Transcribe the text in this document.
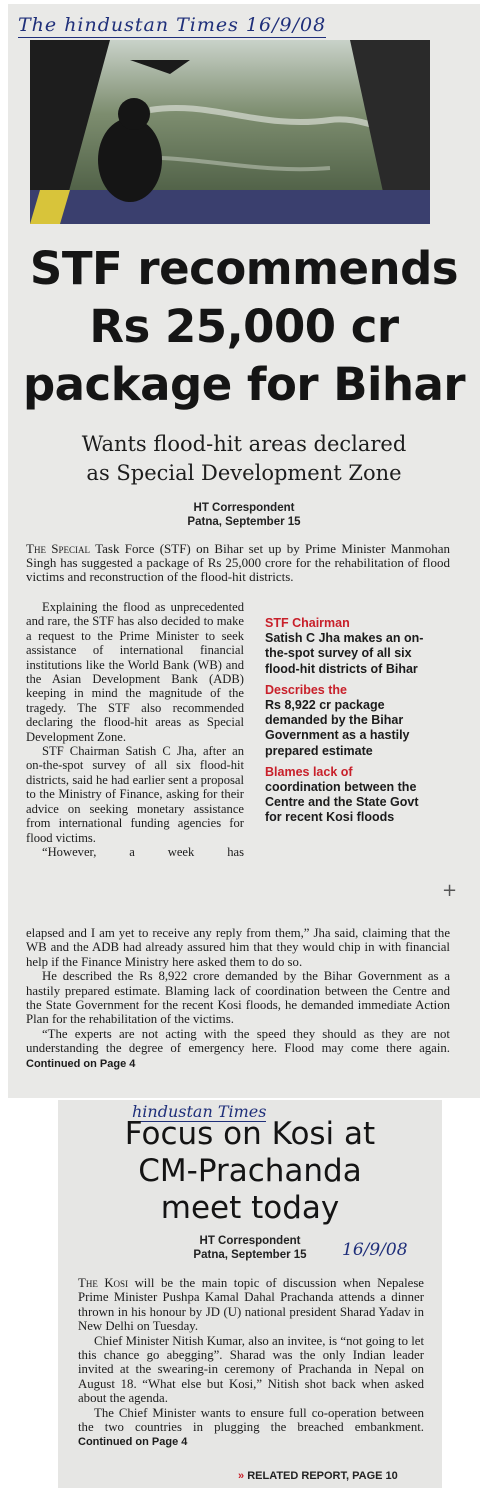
The hindustan Times 16/9/08
STF recommends
Rs 25,000 cr
package for Bihar
Wants flood-hit areas declared
as Special Development Zone
HT Correspondent
Patna, September 15

The Special Task Force (STF) on Bihar set up by Prime Minister Manmohan Singh has suggested a package of Rs 25,000 crore for the rehabilitation of flood victims and reconstruction of the flood-hit districts.

Explaining the flood as unprecedented and rare, the STF has also decided to make a request to the Prime Minister to seek assistance of international financial institutions like the World Bank (WB) and the Asian Development Bank (ADB) keeping in mind the magnitude of the tragedy. The STF also recommended declaring the flood-hit areas as Special Development Zone.

STF Chairman Satish C Jha, after an on-the-spot survey of all six flood-hit districts, said he had earlier sent a proposal to the Ministry of Finance, asking for their advice on seeking monetary assistance from international funding agencies for flood victims.

“However, a week has

STF Chairman
Satish C Jha makes an on-the-spot survey of all six flood-hit districts of Bihar
Describes the
Rs 8,922 cr package demanded by the Bihar Government as a hastily prepared estimate
Blames lack of
coordination between the Centre and the State Govt for recent Kosi floods

elapsed and I am yet to receive any reply from them,” Jha said, claiming that the WB and the ADB had already assured him that they would chip in with financial help if the Finance Ministry here asked them to do so.

He described the Rs 8,922 crore demanded by the Bihar Government as a hastily prepared estimate. Blaming lack of coordination between the Centre and the State Government for the recent Kosi floods, he demanded immediate Action Plan for the rehabilitation of the victims.

“The experts are not acting with the speed they should as they are not understanding the degree of emergency here. Flood may come there again. Continued on Page 4

+
hindustan Times
Focus on Kosi at
CM-Prachanda
meet today
HT Correspondent
Patna, September 15	16/9/08

The Kosi will be the main topic of discussion when Nepalese Prime Minister Pushpa Kamal Dahal Prachanda attends a dinner thrown in his honour by JD (U) national president Sharad Yadav in New Delhi on Tuesday.

Chief Minister Nitish Kumar, also an invitee, is “not going to let this chance go abegging”. Sharad was the only Indian leader invited at the swearing-in ceremony of Prachanda in Nepal on August 18. “What else but Kosi,” Nitish shot back when asked about the agenda.

The Chief Minister wants to ensure full co-operation between the two countries in plugging the breached embankment. Continued on Page 4

» RELATED REPORT, PAGE 10
